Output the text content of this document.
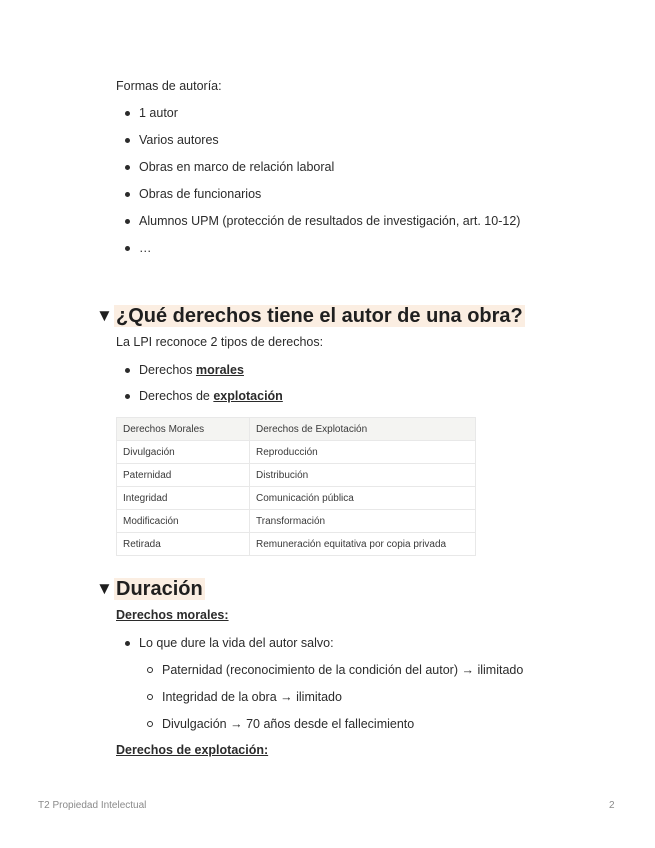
Formas de autoría:
1 autor
Varios autores
Obras en marco de relación laboral
Obras de funcionarios
Alumnos UPM (protección de resultados de investigación, art. 10-12)
…
▼ ¿Qué derechos tiene el autor de una obra?
La LPI reconoce 2 tipos de derechos:
Derechos morales
Derechos de explotación
Derechos Morales	Derechos de Explotación
Divulgación	Reproducción
Paternidad	Distribución
Integridad	Comunicación pública
Modificación	Transformación
Retirada	Remuneración equitativa por copia privada
▼ Duración
Derechos morales:
Lo que dure la vida del autor salvo:
Paternidad (reconocimiento de la condición del autor) → ilimitado
Integridad de la obra → ilimitado
Divulgación → 70 años desde el fallecimiento
Derechos de explotación:
T2 Propiedad Intelectual	2
